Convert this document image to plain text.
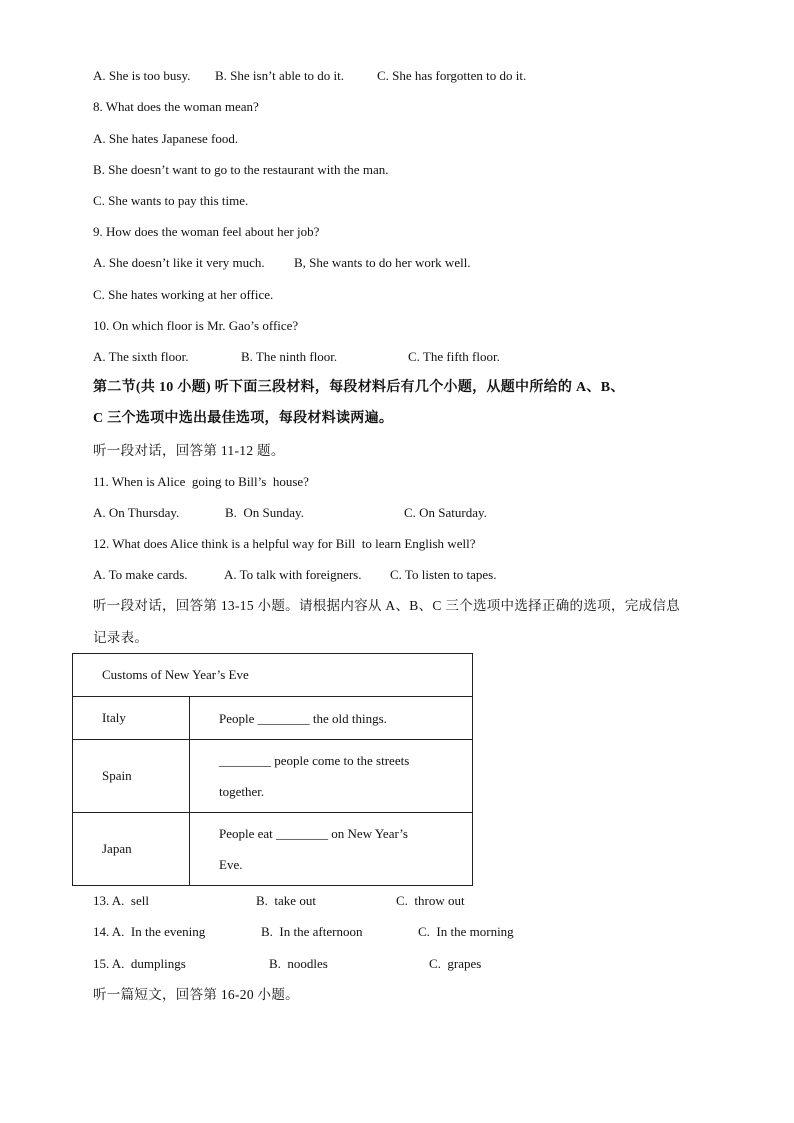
A. She is too busy.

B. She isn’t able to do it.

	C. She has forgotten to do it.

8. What does the woman mean?
A. She hates Japanese food.
B. She doesn’t want to go to the restaurant with the man.
C. She wants to pay this time.
9. How does the woman feel about her job?

A. She doesn’t like it very much.

B, She wants to do her work well.

C. She hates working at her office.
10. On which floor is Mr. Gao’s office?

A. The sixth floor.

	B. The ninth floor.

	C. The fifth floor.

第二节(共 10 小题) 听下面三段材料，每段材料后有几个小题，从题中所给的 A、B、
C 三个选项中选出最佳选项，每段材料读两遍。
听一段对话，回答第 11-12 题。
11. When is Alice  going to Bill’s  house?

A. On Thursday.

	B.  On Sunday.

	C. On Saturday.

12. What does Alice think is a helpful way for Bill  to learn English well?

A. To make cards.

	A. To talk with foreigners.

C. To listen to tapes.

听一段对话，回答第 13-15 小题。请根据内容从 A、B、C 三个选项中选择正确的选项，完成信息
记录表。
Customs of New Year’s Eve	
Italy	People ________ the old things.

Spain	________ people come to the streets
together.

Japan	People eat ________ on New Year’s
Eve.

13. A.  sell

	B.  take out

	C.  throw out

14. A.  In the evening

	B.  In the afternoon

	C.  In the morning

15. A.  dumplings

	B.  noodles

	C.  grapes

听一篇短文，回答第 16-20 小题。
